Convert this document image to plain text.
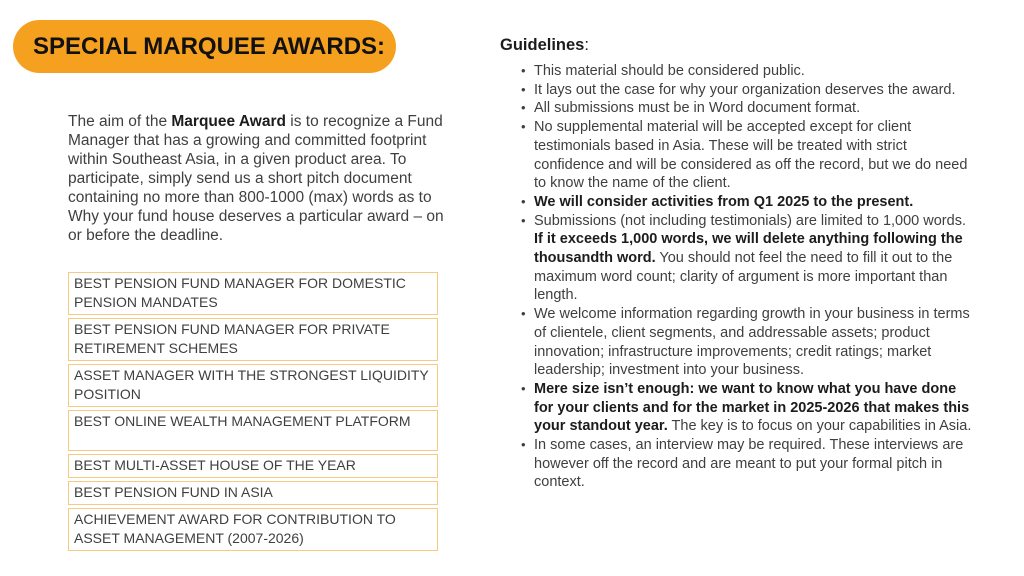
SPECIAL MARQUEE AWARDS:

The aim of the Marquee Award is to recognize a Fund Manager that has a growing and committed footprint within Southeast Asia, in a given product area. To participate, simply send us a short pitch document containing no more than 800-1000 (max) words as to Why your fund house deserves a particular award – on or before the deadline.

BEST PENSION FUND MANAGER FOR DOMESTIC PENSION MANDATES
BEST PENSION FUND MANAGER FOR PRIVATE RETIREMENT SCHEMES
ASSET MANAGER WITH THE STRONGEST LIQUIDITY POSITION
BEST ONLINE WEALTH MANAGEMENT PLATFORM
BEST MULTI-ASSET HOUSE OF THE YEAR
BEST PENSION FUND IN ASIA
ACHIEVEMENT AWARD FOR CONTRIBUTION TO ASSET MANAGEMENT (2007-2026)
Guidelines:
• This material should be considered public.
• It lays out the case for why your organization deserves the award.
• All submissions must be in Word document format.
• No supplemental material will be accepted except for client testimonials based in Asia. These will be treated with strict confidence and will be considered as off the record, but we do need to know the name of the client.
• We will consider activities from Q1 2025 to the present.
• Submissions (not including testimonials) are limited to 1,000 words. If it exceeds 1,000 words, we will delete anything following the thousandth word. You should not feel the need to fill it out to the maximum word count; clarity of argument is more important than length.
• We welcome information regarding growth in your business in terms of clientele, client segments, and addressable assets; product innovation; infrastructure improvements; credit ratings; market leadership; investment into your business.
• Mere size isn’t enough: we want to know what you have done for your clients and for the market in 2025-2026 that makes this your standout year. The key is to focus on your capabilities in Asia.
• In some cases, an interview may be required. These interviews are however off the record and are meant to put your formal pitch in context.
